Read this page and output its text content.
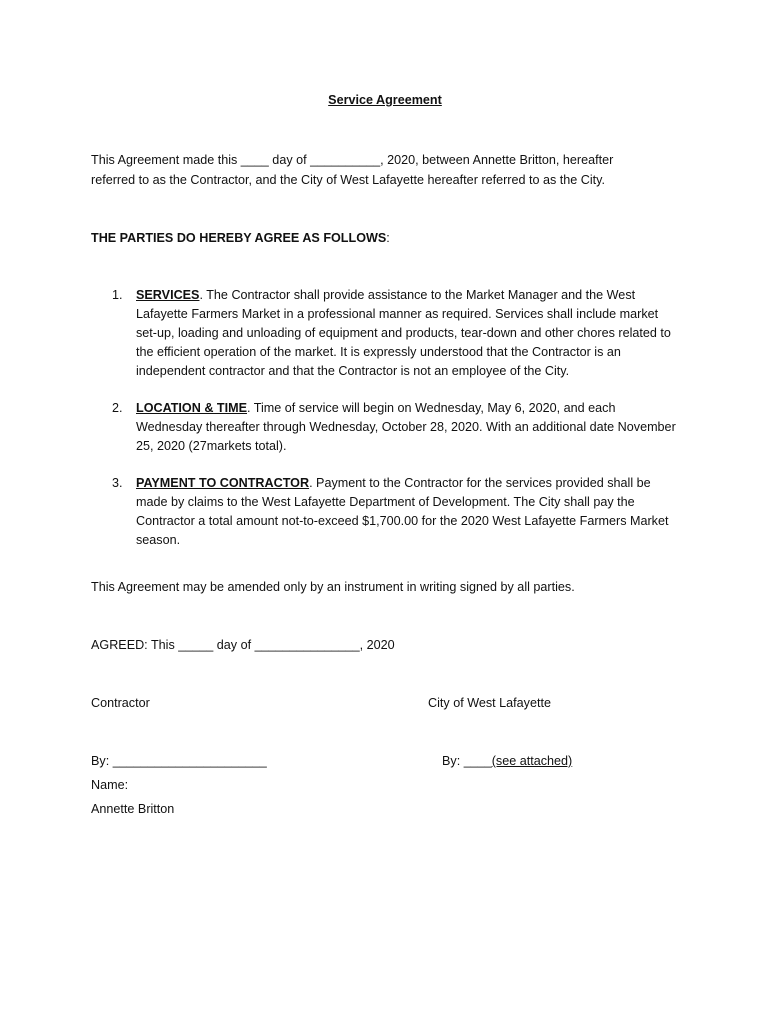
Service Agreement
This Agreement made this ____ day of __________, 2020, between Annette Britton, hereafter
referred to as the Contractor, and the City of West Lafayette hereafter referred to as the City.
THE PARTIES DO HEREBY AGREE AS FOLLOWS:
1. SERVICES. The Contractor shall provide assistance to the Market Manager and the West Lafayette Farmers Market in a professional manner as required. Services shall include market set-up, loading and unloading of equipment and products, tear-down and other chores related to the efficient operation of the market. It is expressly understood that the Contractor is an independent contractor and that the Contractor is not an employee of the City.
2. LOCATION & TIME. Time of service will begin on Wednesday, May 6, 2020, and each Wednesday thereafter through Wednesday, October 28, 2020. With an additional date November 25, 2020 (27markets total).
3. PAYMENT TO CONTRACTOR. Payment to the Contractor for the services provided shall be made by claims to the West Lafayette Department of Development. The City shall pay the Contractor a total amount not-to-exceed $1,700.00 for the 2020 West Lafayette Farmers Market season.
This Agreement may be amended only by an instrument in writing signed by all parties.
AGREED: This _____ day of _______________, 2020
Contractor	City of West Lafayette
By: ______________________	By: ____(see attached)
Name:
Annette Britton
